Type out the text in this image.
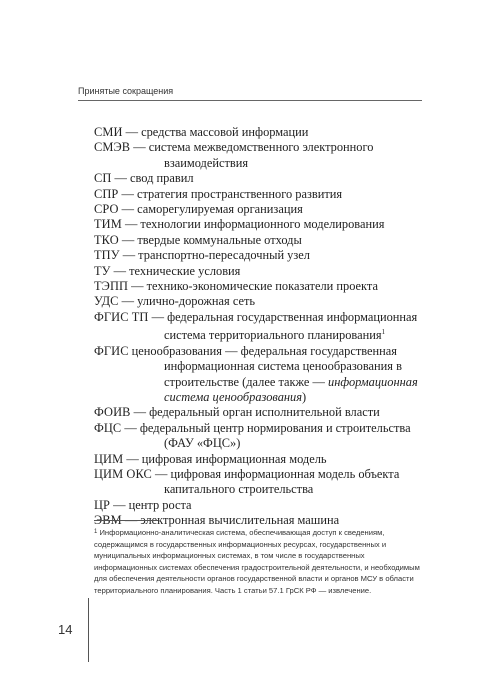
Принятые сокращения

СМИ — средства массовой информации

СМЭВ — система межведомственного электронного взаимодействия

СП — свод правил

СПР — стратегия пространственного развития

СРО — саморегулируемая организация

ТИМ — технологии информационного моделирования

ТКО — твердые коммунальные отходы

ТПУ — транспортно-пересадочный узел

ТУ — технические условия

ТЭПП — технико-экономические показатели проекта

УДС — улично-дорожная сеть

ФГИС ТП — федеральная государственная информационная система территориального планирования$^1$

ФГИС ценообразования — федеральная государственная информационная система ценообразования в строительстве (далее также — информационная система ценообразования)

ФОИВ — федеральный орган исполнительной власти

ФЦС — федеральный центр нормирования и строительства (ФАУ «ФЦС»)

ЦИМ — цифровая информационная модель

ЦИМ ОКС — цифровая информационная модель объекта капитального строительства

ЦР — центр роста

ЭВМ — электронная вычислительная машина

$^1$ Информационно-аналитическая система, обеспечивающая доступ к сведениям, содержащимся в государственных информационных ресурсах, государственных и муниципальных информационных системах, в том числе в государственных информационных системах обеспечения градостроительной деятельности, и необходимым для обеспечения деятельности органов государственной власти и органов МСУ в области территориального планирования. Часть 1 статьи 57.1 ГрСК РФ — извлечение.
14
